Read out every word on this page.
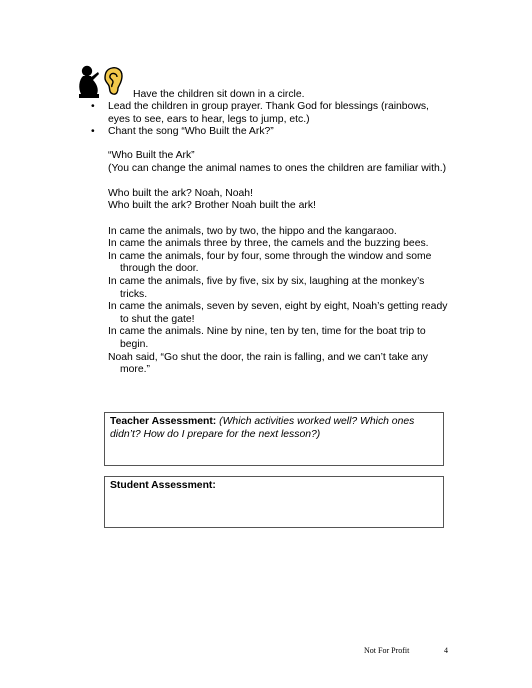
Have the children sit down in a circle.
• Lead the children in group prayer. Thank God for blessings (rainbows,
eyes to see, ears to hear, legs to jump, etc.)
• Chant the song “Who Built the Ark?”

“Who Built the Ark”

(You can change the animal names to ones the children are familiar with.)

Who built the ark? Noah, Noah!

Who built the ark? Brother Noah built the ark!

In came the animals, two by two, the hippo and the kangaraoo.

In came the animals three by three, the camels and the buzzing bees.

In came the animals, four by four, some through the window and some

through the door.

In came the animals, five by five, six by six, laughing at the monkey’s

tricks.

In came the animals, seven by seven, eight by eight, Noah’s getting ready

to shut the gate!

In came the animals. Nine by nine, ten by ten, time for the boat trip to

begin.

Noah said, “Go shut the door, the rain is falling, and we can’t take any

more.”

Teacher Assessment: (Which activities worked well? Which ones
didn’t? How do I prepare for the next lesson?)
Student Assessment:
Not For Profit	4
